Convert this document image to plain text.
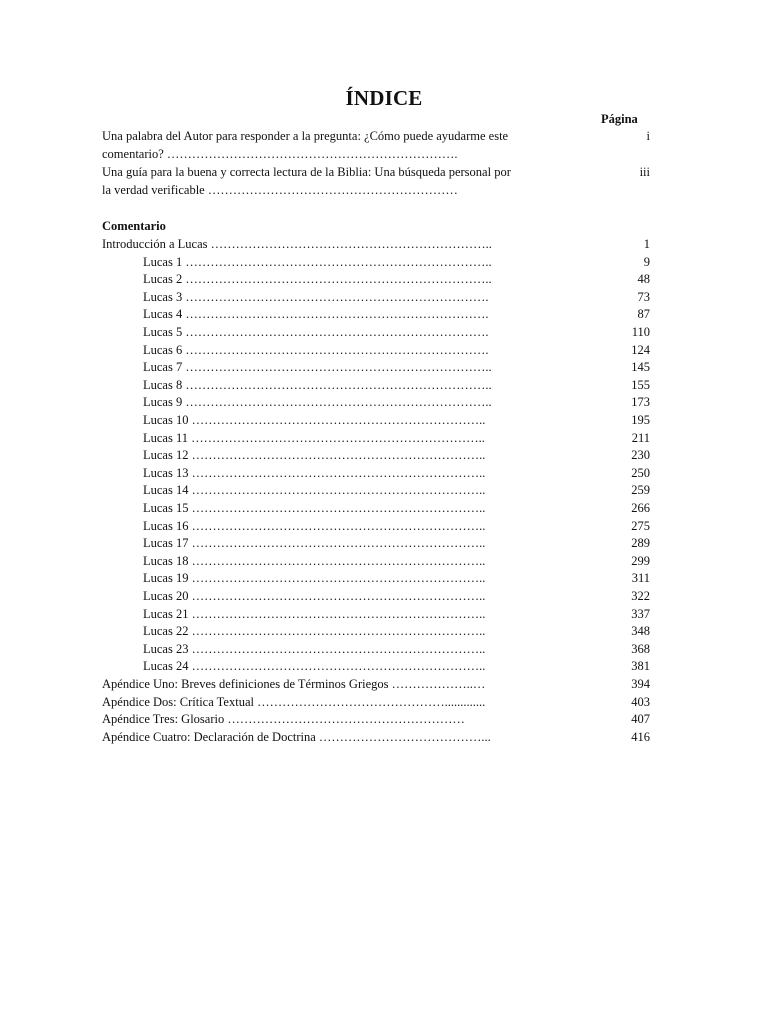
ÍNDICE
Página
Una palabra del Autor para responder a la pregunta: ¿Cómo puede ayudarme este	i
comentario? …………………………………………………………….
Una guía para la buena y correcta lectura de la Biblia: Una búsqueda personal por	iii
la verdad verificable ……………………………………………………
Comentario
Introducción a Lucas …………………………………………………………..	1
Lucas 1 ………………………………………………………………..	9
Lucas 2 ………………………………………………………………..	48
Lucas 3 ……………………………………………………………….	73
Lucas 4 ……………………………………………………………….	87
Lucas 5 ……………………………………………………………….	110
Lucas 6 ……………………………………………………………….	124
Lucas 7 ………………………………………………………………..	145
Lucas 8 ………………………………………………………………..	155
Lucas 9 ………………………………………………………………..	173
Lucas 10 ……………………………………………………………..	195
Lucas 11 ……………………………………………………………..	211
Lucas 12 ……………………………………………………………..	230
Lucas 13 ……………………………………………………………..	250
Lucas 14 ……………………………………………………………..	259
Lucas 15 ……………………………………………………………..	266
Lucas 16 ……………………………………………………………..	275
Lucas 17 ……………………………………………………………..	289
Lucas 18 ……………………………………………………………..	299
Lucas 19 ……………………………………………………………..	311
Lucas 20 ……………………………………………………………..	322
Lucas 21 ……………………………………………………………..	337
Lucas 22 ……………………………………………………………..	348
Lucas 23 ……………………………………………………………..	368
Lucas 24 ……………………………………………………………..	381
Apéndice Uno: Breves definiciones de Términos Griegos ………………..…	394
Apéndice Dos: Crítica Textual ……………………………………….............	403
Apéndice Tres: Glosario …………………………………………………	407
Apéndice Cuatro: Declaración de Doctrina …………………………………...	416
